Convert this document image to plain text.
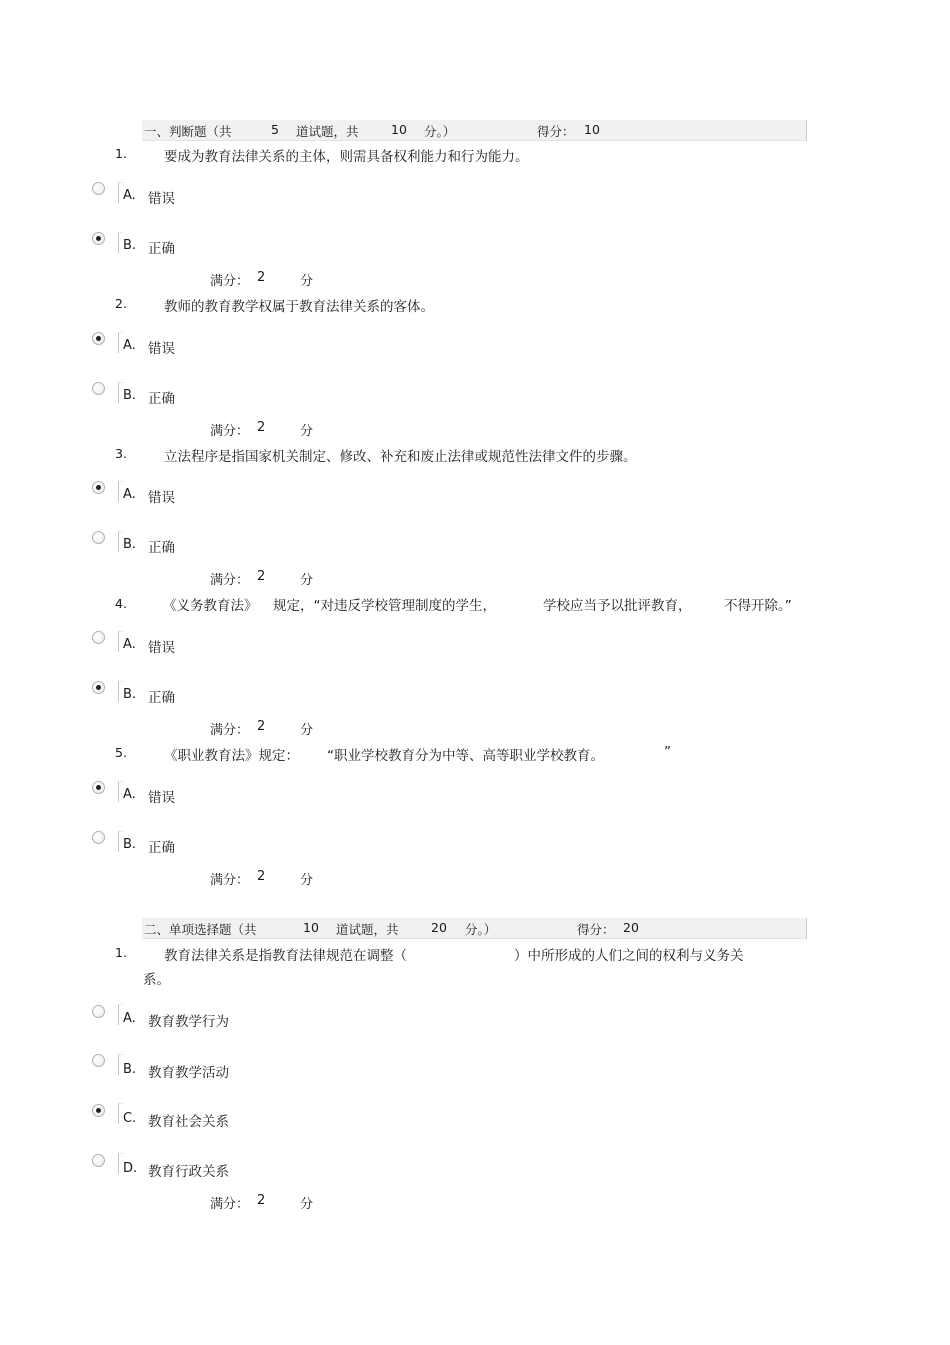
一、判断题（共	5 道试题，共	10 分。）	得分： 10
1.	要成为教育法律关系的主体，则需具备权利能力和行为能力。
A. 错误
B. 正确
满分： 2	分
2.	教师的教育教学权属于教育法律关系的客体。
A. 错误
B. 正确
满分： 2	分
3.	立法程序是指国家机关制定、修改、补充和废止法律或规范性法律文件的步骤。
A. 错误
B. 正确
满分： 2	分
4.	《义务教育法》 规定，“对违反学校管理制度的学生，	学校应当予以批评教育， 不得开除。”
A. 错误
B. 正确
满分： 2	分
5.	《职业教育法》规定： “职业学校教育分为中等、高等职业学校教育。	”
A. 错误
B. 正确
满分： 2	分
二、单项选择题（共	10 道试题，共	20 分。）	得分： 20
1.	教育法律关系是指教育法律规范在调整（	）中所形成的人们之间的权利与义务关
系。
A. 教育教学行为
B. 教育教学活动
C. 教育社会关系
D. 教育行政关系
满分： 2	分
